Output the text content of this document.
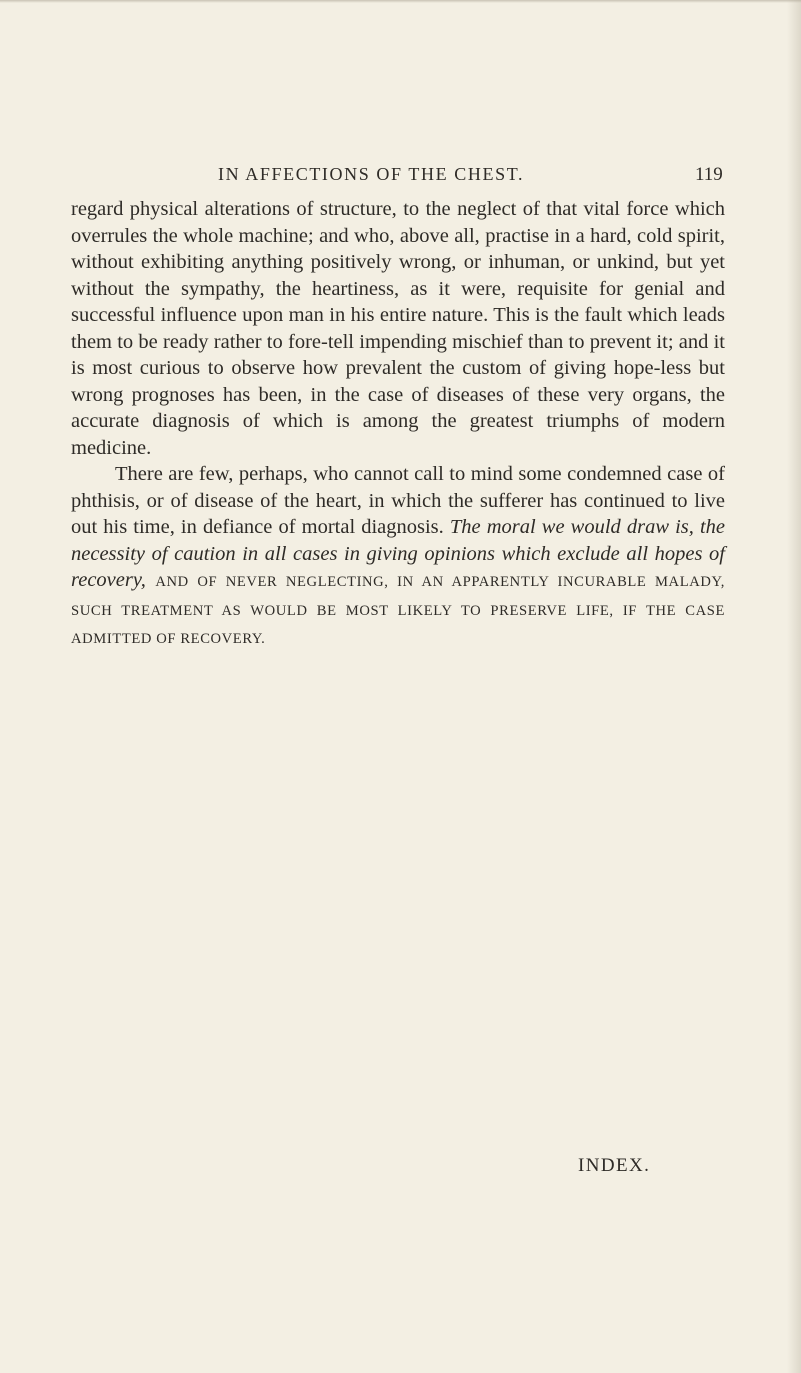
IN AFFECTIONS OF THE CHEST.	119

regard physical alterations of structure, to the neglect of that vital force which overrules the whole machine; and who, above all, practise in a hard, cold spirit, without exhibiting anything positively wrong, or inhuman, or unkind, but yet without the sympathy, the heartiness, as it were, requisite for genial and successful influence upon man in his entire nature. This is the fault which leads them to be ready rather to fore-tell impending mischief than to prevent it; and it is most curious to observe how prevalent the custom of giving hope-less but wrong prognoses has been, in the case of diseases of these very organs, the accurate diagnosis of which is among the greatest triumphs of modern medicine.

There are few, perhaps, who cannot call to mind some condemned case of phthisis, or of disease of the heart, in which the sufferer has continued to live out his time, in defiance of mortal diagnosis. The moral we would draw is, the necessity of caution in all cases in giving opinions which exclude all hopes of recovery, AND OF NEVER NEGLECTING, IN AN APPARENTLY INCURABLE MALADY, SUCH TREATMENT AS WOULD BE MOST LIKELY TO PRESERVE LIFE, IF THE CASE ADMITTED OF RECOVERY.

INDEX.
